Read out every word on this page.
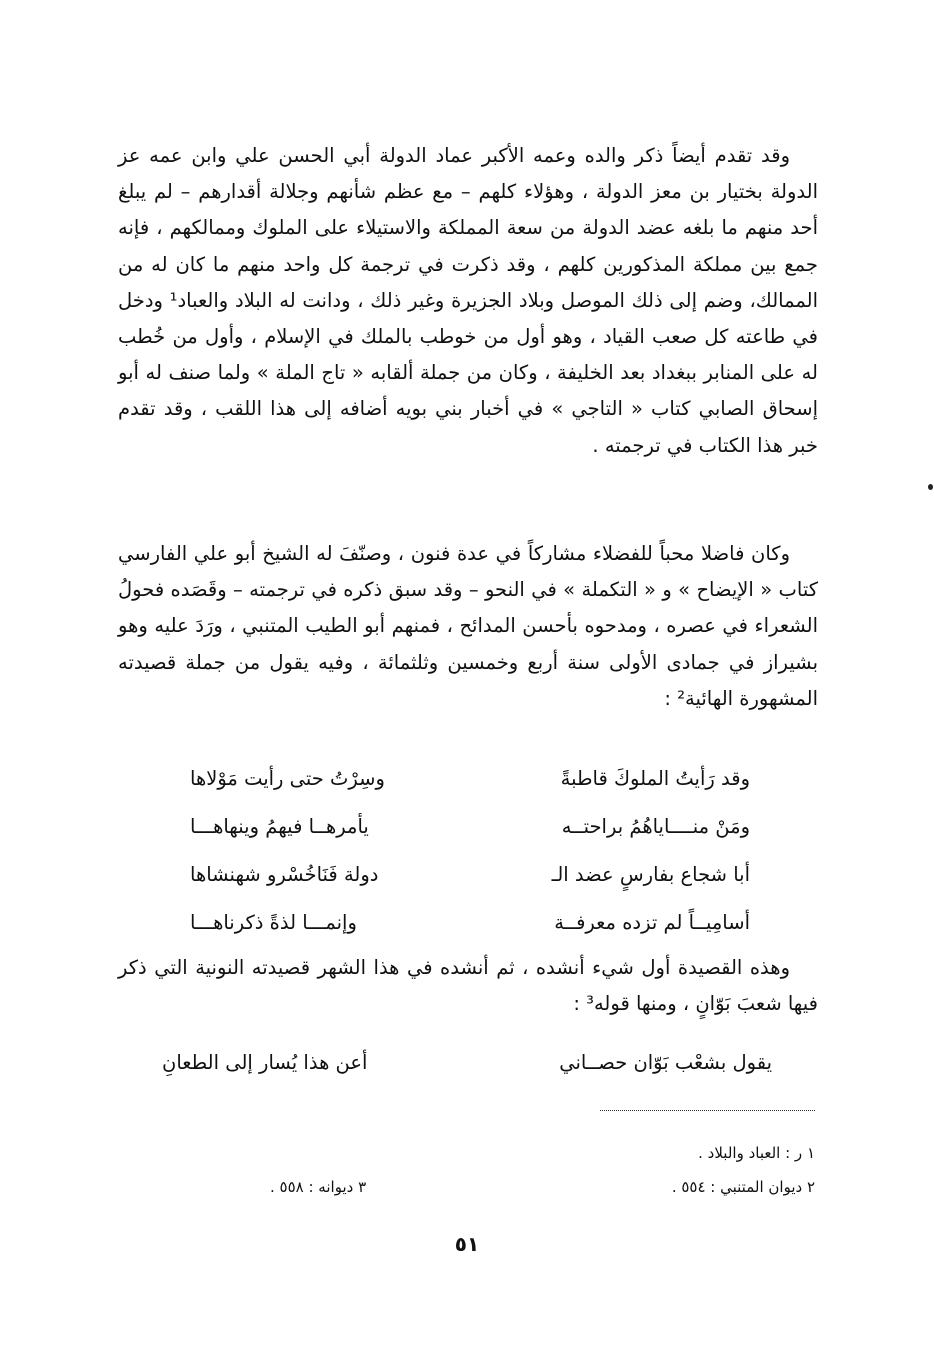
وقد تقدم أيضاً ذكر والده وعمه الأكبر عماد الدولة أبي الحسن علي وابن عمه عز الدولة بختيار بن معز الدولة ، وهؤلاء كلهم – مع عظم شأنهم وجلالة أقدارهم – لم يبلغ أحد منهم ما بلغه عضد الدولة من سعة المملكة والاستيلاء على الملوك وممالكهم ، فإنه جمع بين مملكة المذكورين كلهم ، وقد ذكرت في ترجمة كل واحد منهم ما كان له من الممالك، وضم إلى ذلك الموصل وبلاد الجزيرة وغير ذلك ، ودانت له البلاد والعباد¹ ودخل في طاعته كل صعب القياد ، وهو أول من خوطب بالملك في الإسلام ، وأول من خُطب له على المنابر ببغداد بعد الخليفة ، وكان من جملة ألقابه « تاج الملة » ولما صنف له أبو إسحاق الصابي كتاب « التاجي » في أخبار بني بويه أضافه إلى هذا اللقب ، وقد تقدم خبر هذا الكتاب في ترجمته .

وكان فاضلا محباً للفضلاء مشاركاً في عدة فنون ، وصنّفَ له الشيخ أبو علي الفارسي كتاب « الإيضاح » و « التكملة » في النحو – وقد سبق ذكره في ترجمته – وقَصَده فحولُ الشعراء في عصره ، ومدحوه بأحسن المدائح ، فمنهم أبو الطيب المتنبي ، ورَدَ عليه وهو بشيراز في جمادى الأولى سنة أربع وخمسين وثلثمائة ، وفيه يقول من جملة قصيدته المشهورة الهائية² :

وقد رَأيتُ الملوكَ قاطبةً
وسِرْتُ حتى رأيت مَوْلاها
ومَنْ منــــاياهُمُ براحتــه
يأمرهــا فيهمُ وينهاهـــا
أبا شجاع بفارسٍ عضد الـ
دولة فَنَاخُسْرو شهنشاها
أسامِيــاً لم تزده معرفــة
وإنمـــا لذةً ذكرناهـــا

وهذه القصيدة أول شيء أنشده ، ثم أنشده في هذا الشهر قصيدته النونية التي ذكر فيها شعبَ بَوّانٍ ، ومنها قوله³ :

يقول بشعْب بَوّان حصــاني
أعن هذا يُسار إلى الطعانِ
١ ر : العباد والبلاد .
٢ ديوان المتنبي : ٥٥٤ .
٣ ديوانه : ٥٥٨ .
٥١
